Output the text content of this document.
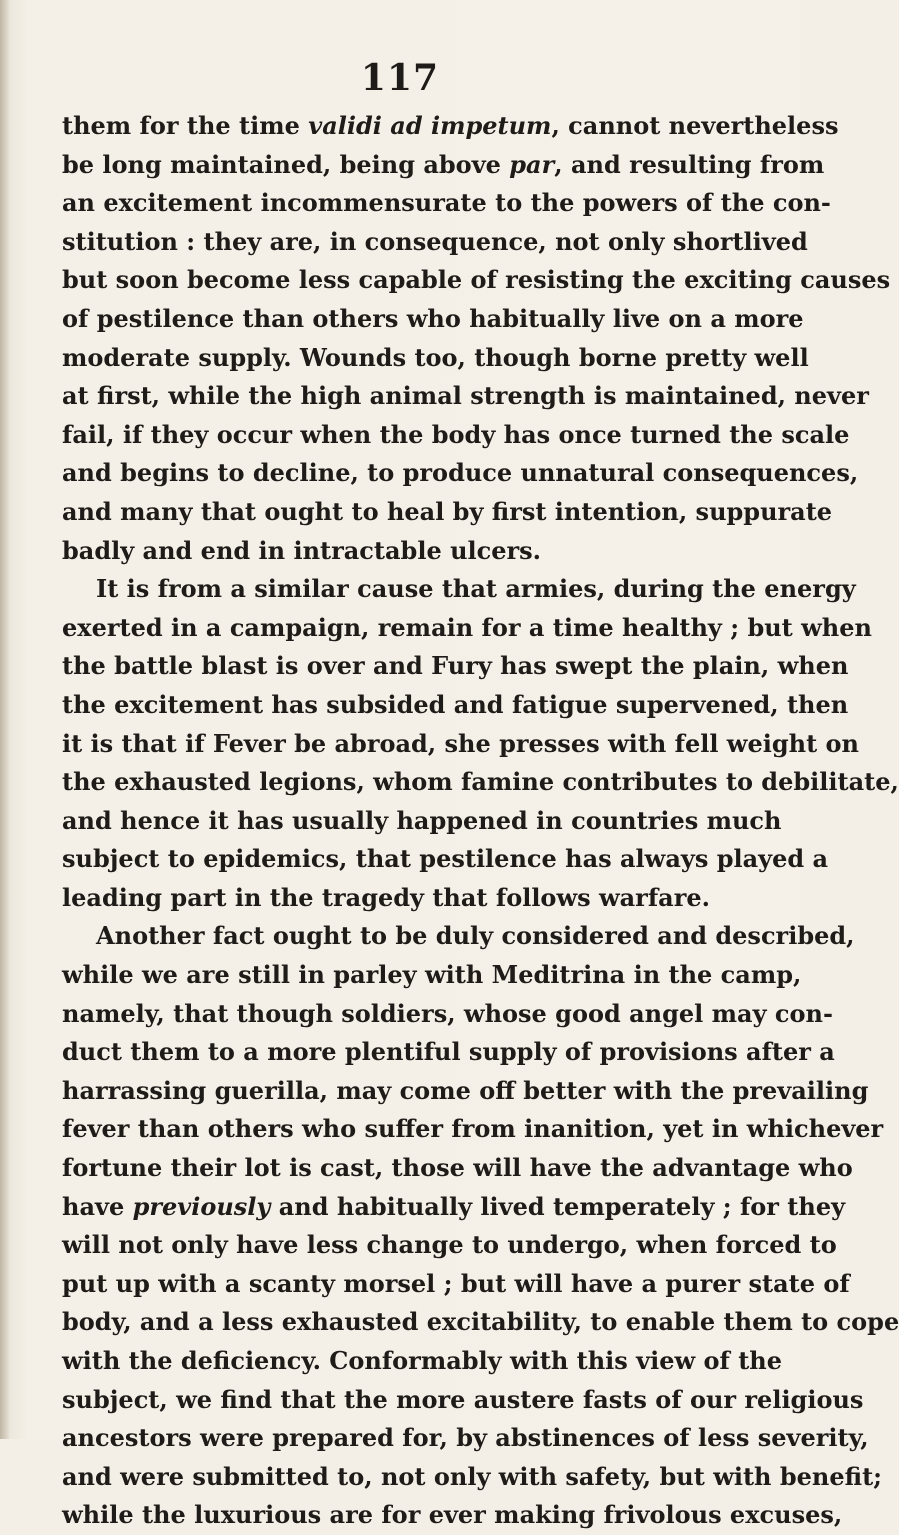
117
them for the time validi ad impetum, cannot nevertheless
be long maintained, being above par, and resulting from
an excitement incommensurate to the powers of the con-
stitution : they are, in consequence, not only shortlived
but soon become less capable of resisting the exciting causes
of pestilence than others who habitually live on a more
moderate supply. Wounds too, though borne pretty well
at first, while the high animal strength is maintained, never
fail, if they occur when the body has once turned the scale
and begins to decline, to produce unnatural consequences,
and many that ought to heal by first intention, suppurate
badly and end in intractable ulcers.
It is from a similar cause that armies, during the energy
exerted in a campaign, remain for a time healthy ; but when
the battle blast is over and Fury has swept the plain, when
the excitement has subsided and fatigue supervened, then
it is that if Fever be abroad, she presses with fell weight on
the exhausted legions, whom famine contributes to debilitate,
and hence it has usually happened in countries much
subject to epidemics, that pestilence has always played a
leading part in the tragedy that follows warfare.
Another fact ought to be duly considered and described,
while we are still in parley with Meditrina in the camp,
namely, that though soldiers, whose good angel may con-
duct them to a more plentiful supply of provisions after a
harrassing guerilla, may come off better with the prevailing
fever than others who suffer from inanition, yet in whichever
fortune their lot is cast, those will have the advantage who
have previously and habitually lived temperately ; for they
will not only have less change to undergo, when forced to
put up with a scanty morsel ; but will have a purer state of
body, and a less exhausted excitability, to enable them to cope
with the deficiency. Conformably with this view of the
subject, we find that the more austere fasts of our religious
ancestors were prepared for, by abstinences of less severity,
and were submitted to, not only with safety, but with benefit;
while the luxurious are for ever making frivolous excuses,
